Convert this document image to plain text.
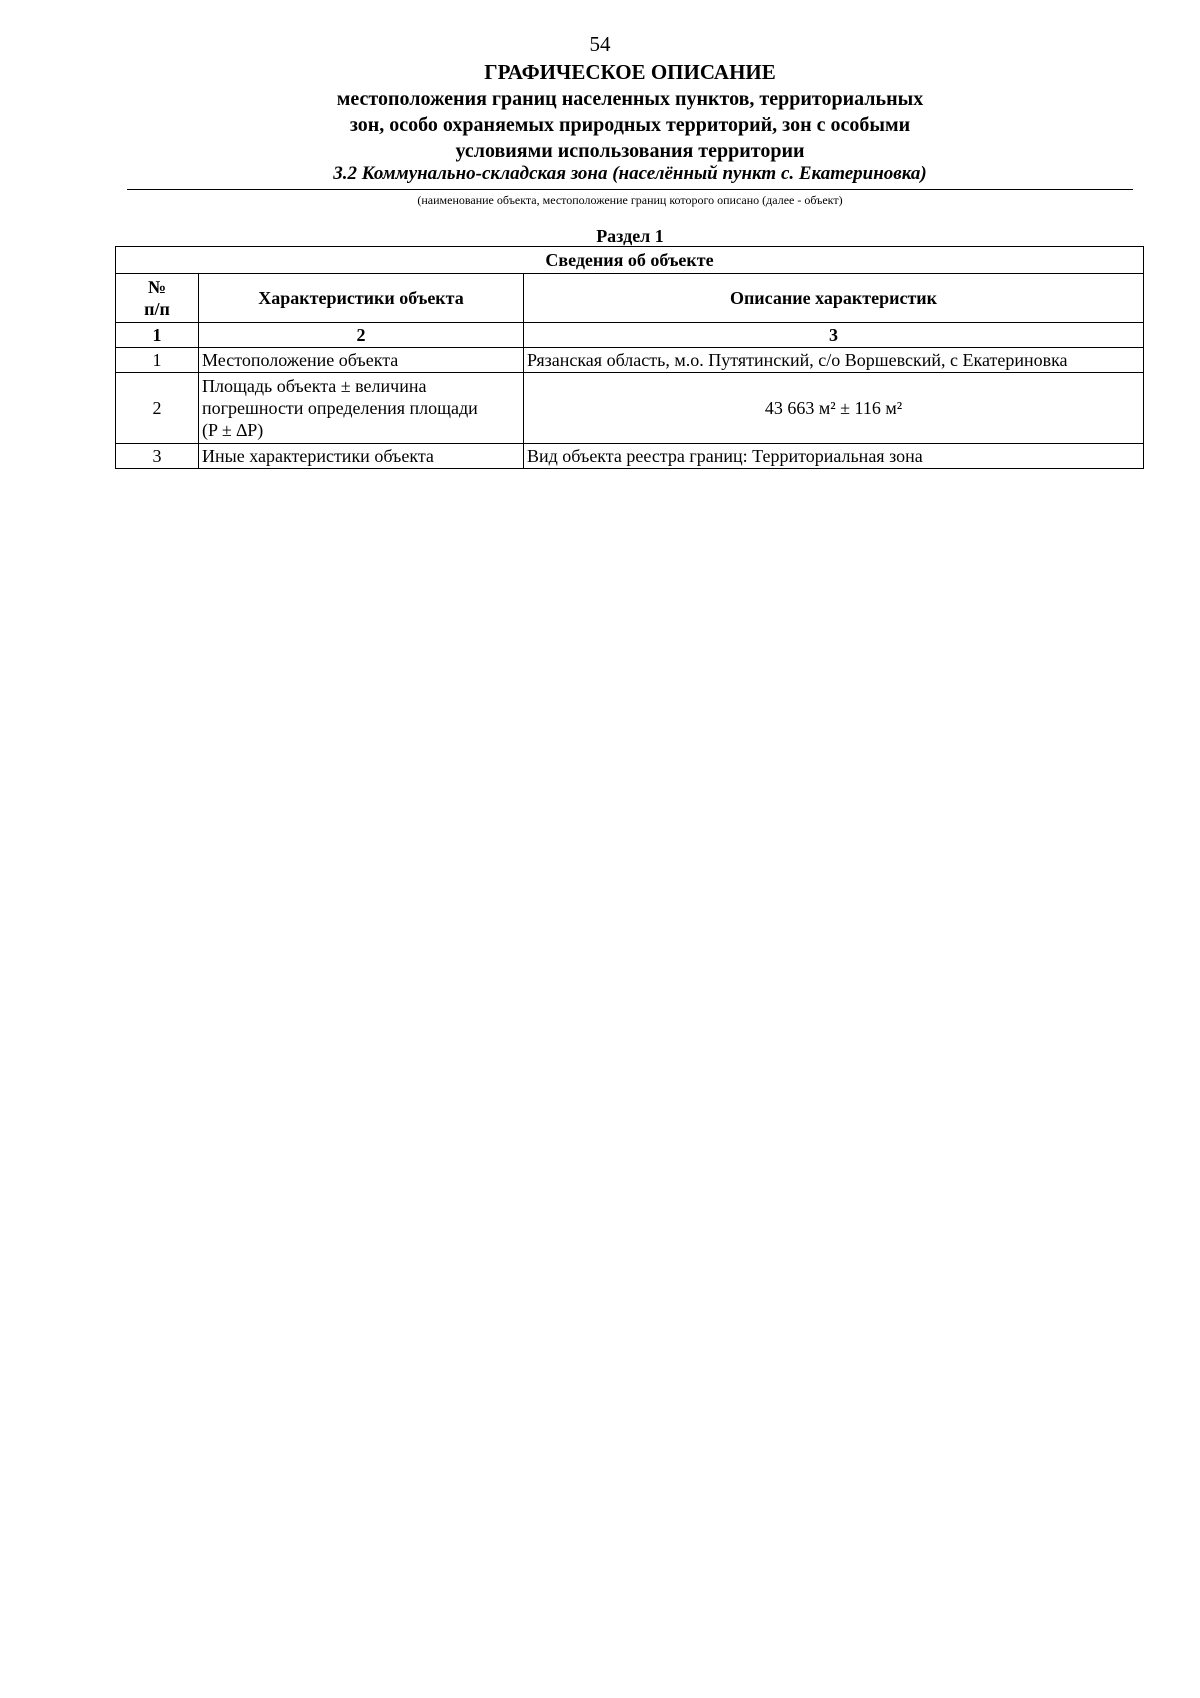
54
ГРАФИЧЕСКОЕ ОПИСАНИЕ
местоположения границ населенных пунктов, территориальных
зон, особо охраняемых природных территорий, зон с особыми
условиями использования территории
3.2 Коммунально-складская зона (населённый пункт с. Екатериновка)
(наименование объекта, местоположение границ которого описано (далее - объект)
Раздел 1
Сведения об объекте		
№
п/п	Характеристики объекта	Описание характеристик
1	2	3
1	Местоположение объекта	Рязанская область, м.о. Путятинский, с/о Воршевский, с Екатериновка
2	Площадь объекта ± величина
погрешности определения площади
(P ± ∆P)	43 663 м² ± 116 м²
3	Иные характеристики объекта	Вид объекта реестра границ: Территориальная зона
